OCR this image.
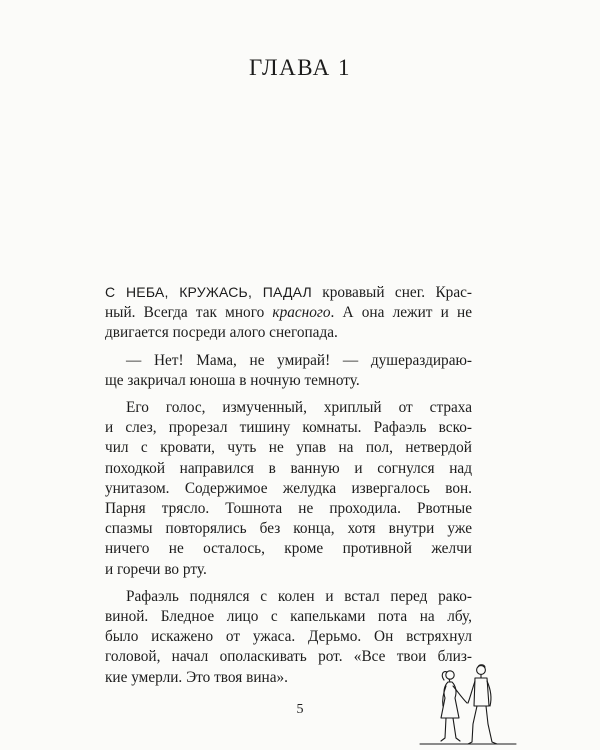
ГЛАВА 1

С НЕБА, КРУЖАСЬ, ПАДАЛ кровавый снег. Крас-
ный. Всегда так много красного. А она лежит и не
двигается посреди алого снегопада.

— Нет! Мама, не умирай! — душераздираю-
ще закричал юноша в ночную темноту.

Его голос, измученный, хриплый от страха
и слез, прорезал тишину комнаты. Рафаэль вско-
чил с кровати, чуть не упав на пол, нетвердой
походкой направился в ванную и согнулся над
унитазом. Содержимое желудка извергалось вон.
Парня трясло. Тошнота не проходила. Рвотные
спазмы повторялись без конца, хотя внутри уже
ничего не осталось, кроме противной желчи
и горечи во рту.

Рафаэль поднялся с колен и встал перед рако-
виной. Бледное лицо с капельками пота на лбу,
было искажено от ужаса. Дерьмо. Он встряхнул
головой, начал ополаскивать рот. «Все твои близ-
кие умерли. Это твоя вина».

5
